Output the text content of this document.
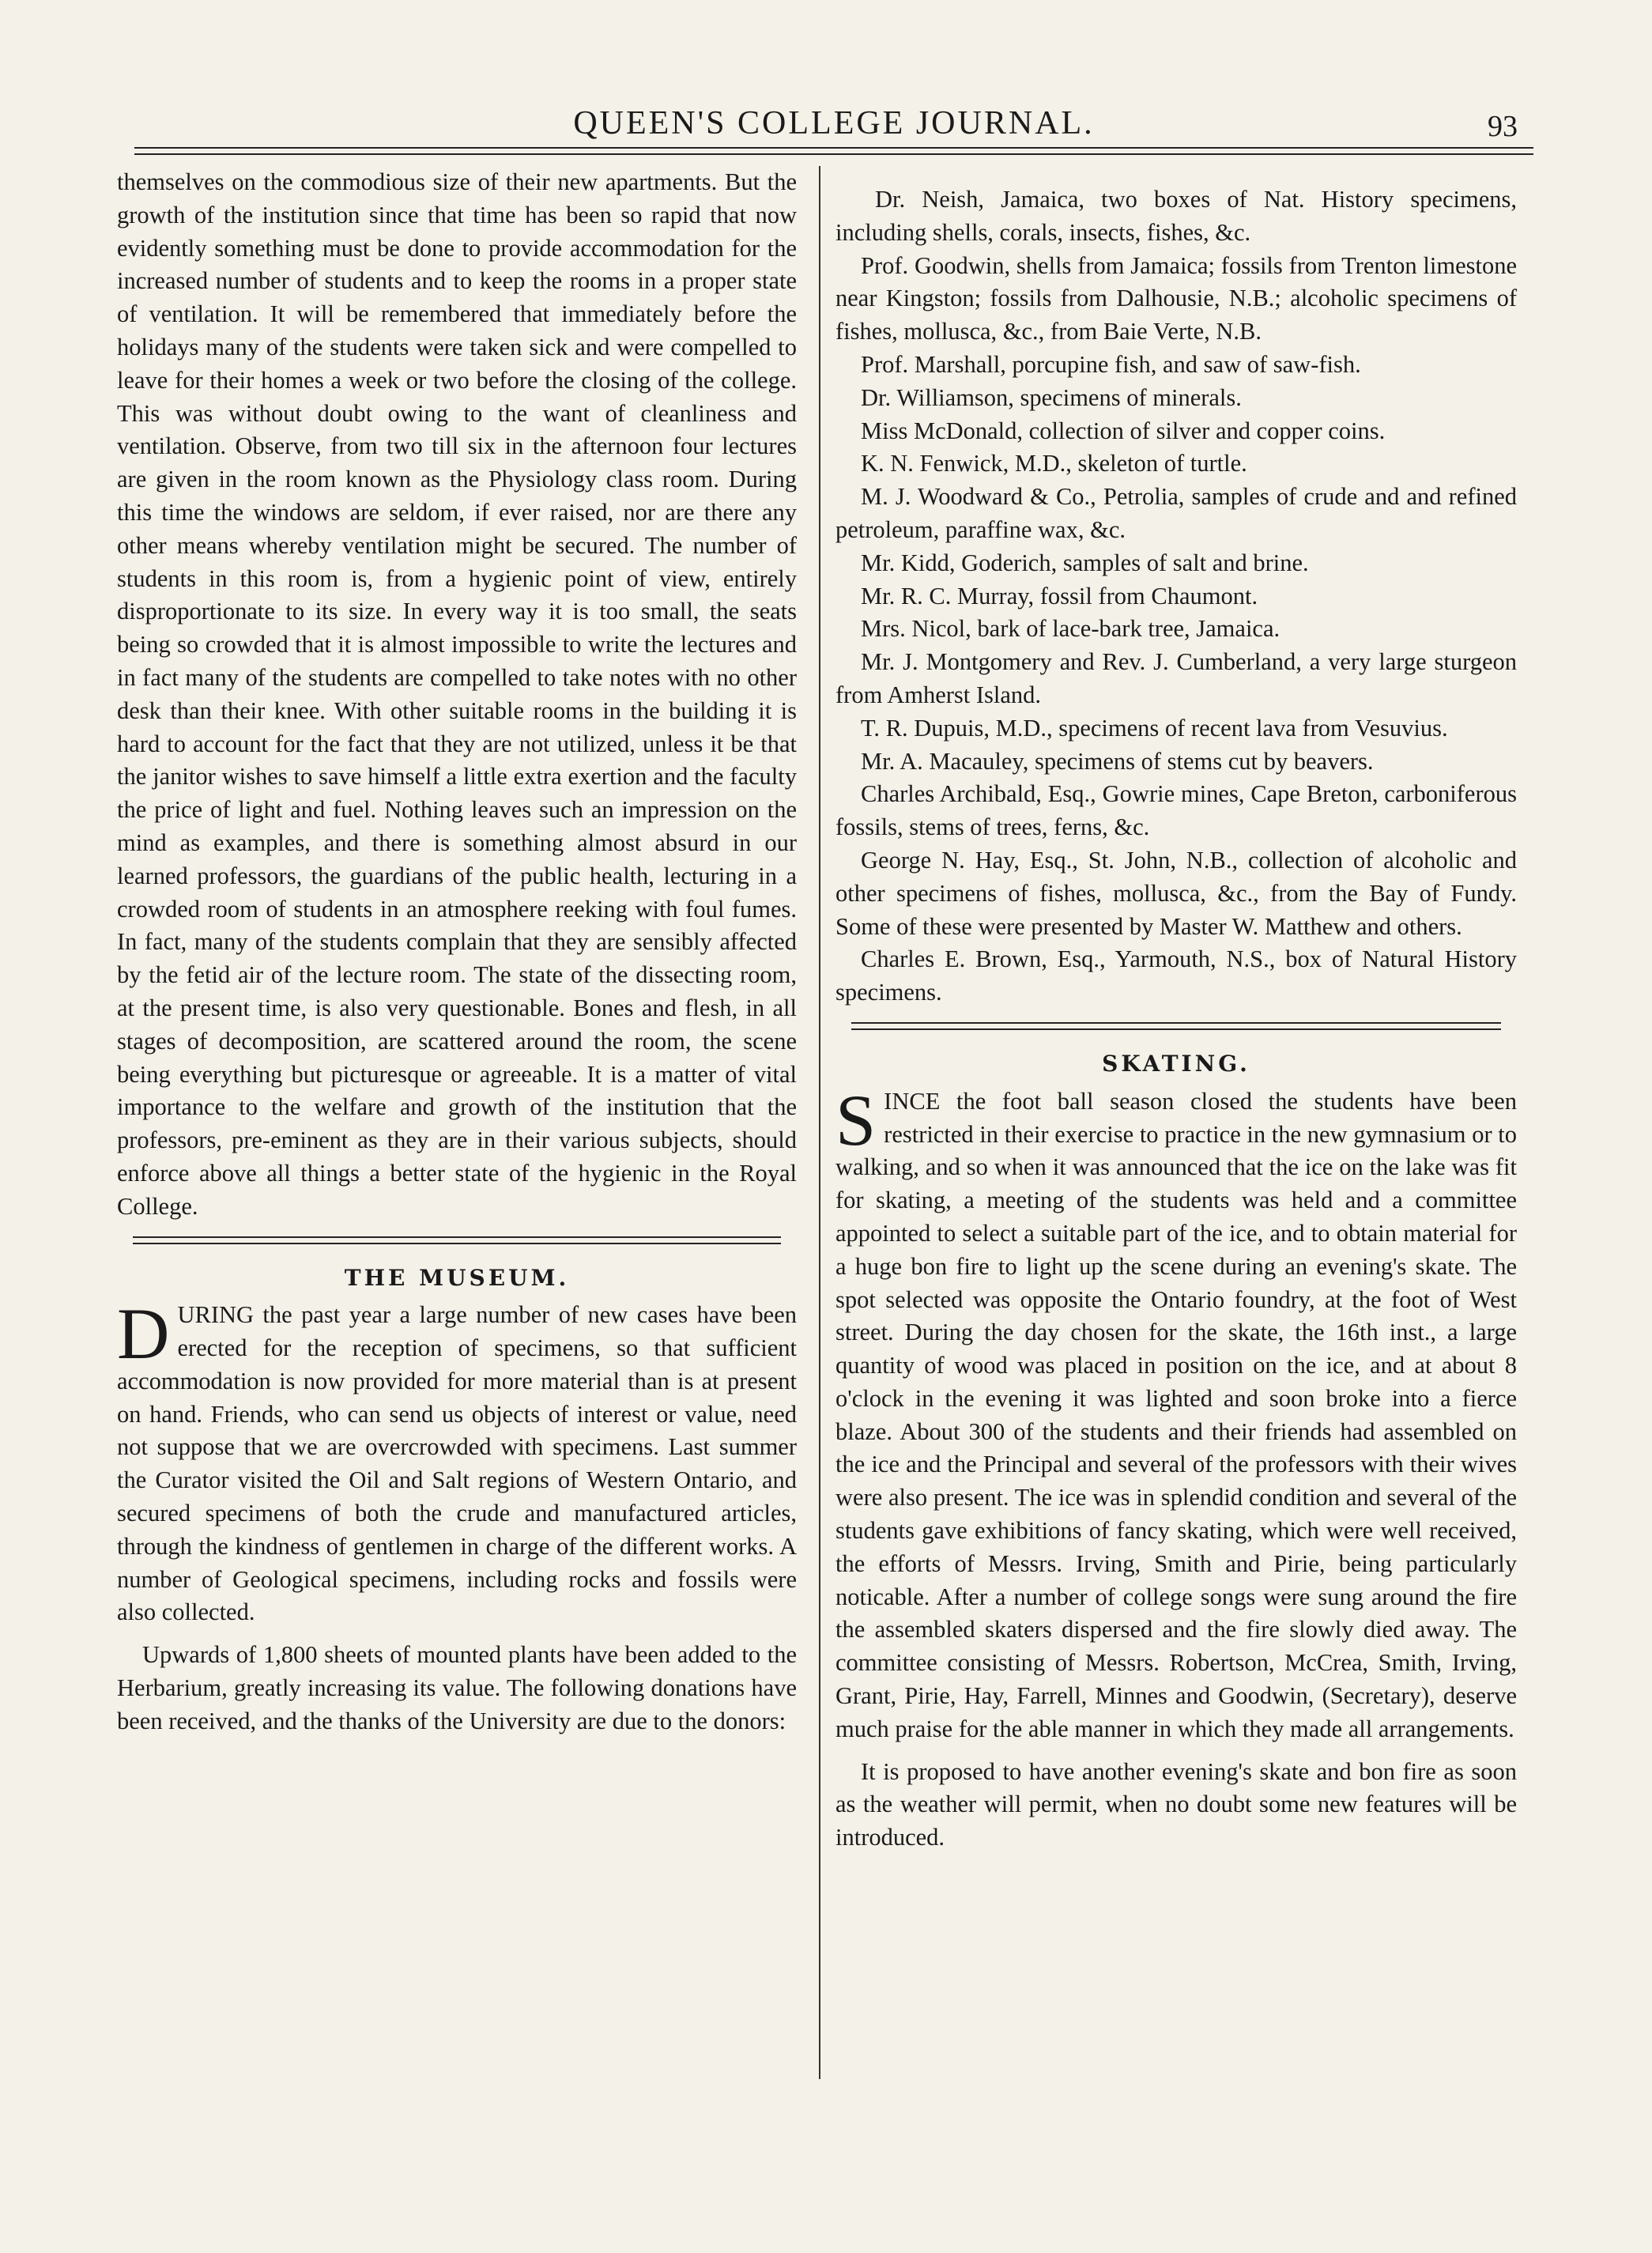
QUEEN'S COLLEGE JOURNAL.	93

themselves on the commodious size of their new apartments. But the growth of the institution since that time has been so rapid that now evidently something must be done to provide accommodation for the increased number of students and to keep the rooms in a proper state of ventilation. It will be remembered that immediately before the holidays many of the students were taken sick and were compelled to leave for their homes a week or two before the closing of the college. This was without doubt owing to the want of cleanliness and ventilation. Observe, from two till six in the afternoon four lectures are given in the room known as the Physiology class room. During this time the windows are seldom, if ever raised, nor are there any other means whereby ventilation might be secured. The number of students in this room is, from a hygienic point of view, entirely disproportionate to its size. In every way it is too small, the seats being so crowded that it is almost impossible to write the lectures and in fact many of the students are compelled to take notes with no other desk than their knee. With other suitable rooms in the building it is hard to account for the fact that they are not utilized, unless it be that the janitor wishes to save himself a little extra exertion and the faculty the price of light and fuel. Nothing leaves such an impression on the mind as examples, and there is something almost absurd in our learned professors, the guardians of the public health, lecturing in a crowded room of students in an atmosphere reeking with foul fumes. In fact, many of the students complain that they are sensibly affected by the fetid air of the lecture room. The state of the dissecting room, at the present time, is also very questionable. Bones and flesh, in all stages of decomposition, are scattered around the room, the scene being everything but picturesque or agreeable. It is a matter of vital importance to the welfare and growth of the institution that the professors, pre-eminent as they are in their various subjects, should enforce above all things a better state of the hygienic in the Royal College.

THE MUSEUM.

DURING the past year a large number of new cases have been erected for the reception of specimens, so that sufficient accommodation is now provided for more material than is at present on hand. Friends, who can send us objects of interest or value, need not suppose that we are overcrowded with specimens. Last summer the Curator visited the Oil and Salt regions of Western Ontario, and secured specimens of both the crude and manufactured articles, through the kindness of gentlemen in charge of the different works. A number of Geological specimens, including rocks and fossils were also collected.

Upwards of 1,800 sheets of mounted plants have been added to the Herbarium, greatly increasing its value. The following donations have been received, and the thanks of the University are due to the donors:

Dr. Neish, Jamaica, two boxes of Nat. History specimens, including shells, corals, insects, fishes, &c.

Prof. Goodwin, shells from Jamaica; fossils from Trenton limestone near Kingston; fossils from Dalhousie, N.B.; alcoholic specimens of fishes, mollusca, &c., from Baie Verte, N.B.

Prof. Marshall, porcupine fish, and saw of saw-fish.

Dr. Williamson, specimens of minerals.

Miss McDonald, collection of silver and copper coins.

K. N. Fenwick, M.D., skeleton of turtle.

M. J. Woodward & Co., Petrolia, samples of crude and and refined petroleum, paraffine wax, &c.

Mr. Kidd, Goderich, samples of salt and brine.

Mr. R. C. Murray, fossil from Chaumont.

Mrs. Nicol, bark of lace-bark tree, Jamaica.

Mr. J. Montgomery and Rev. J. Cumberland, a very large sturgeon from Amherst Island.

T. R. Dupuis, M.D., specimens of recent lava from Vesuvius.

Mr. A. Macauley, specimens of stems cut by beavers.

Charles Archibald, Esq., Gowrie mines, Cape Breton, carboniferous fossils, stems of trees, ferns, &c.

George N. Hay, Esq., St. John, N.B., collection of alcoholic and other specimens of fishes, mollusca, &c., from the Bay of Fundy. Some of these were presented by Master W. Matthew and others.

Charles E. Brown, Esq., Yarmouth, N.S., box of Natural History specimens.

SKATING.

SINCE the foot ball season closed the students have been restricted in their exercise to practice in the new gymnasium or to walking, and so when it was announced that the ice on the lake was fit for skating, a meeting of the students was held and a committee appointed to select a suitable part of the ice, and to obtain material for a huge bon fire to light up the scene during an evening's skate. The spot selected was opposite the Ontario foundry, at the foot of West street. During the day chosen for the skate, the 16th inst., a large quantity of wood was placed in position on the ice, and at about 8 o'clock in the evening it was lighted and soon broke into a fierce blaze. About 300 of the students and their friends had assembled on the ice and the Principal and several of the professors with their wives were also present. The ice was in splendid condition and several of the students gave exhibitions of fancy skating, which were well received, the efforts of Messrs. Irving, Smith and Pirie, being particularly noticable. After a number of college songs were sung around the fire the assembled skaters dispersed and the fire slowly died away. The committee consisting of Messrs. Robertson, McCrea, Smith, Irving, Grant, Pirie, Hay, Farrell, Minnes and Goodwin, (Secretary), deserve much praise for the able manner in which they made all arrangements.

It is proposed to have another evening's skate and bon fire as soon as the weather will permit, when no doubt some new features will be introduced.
